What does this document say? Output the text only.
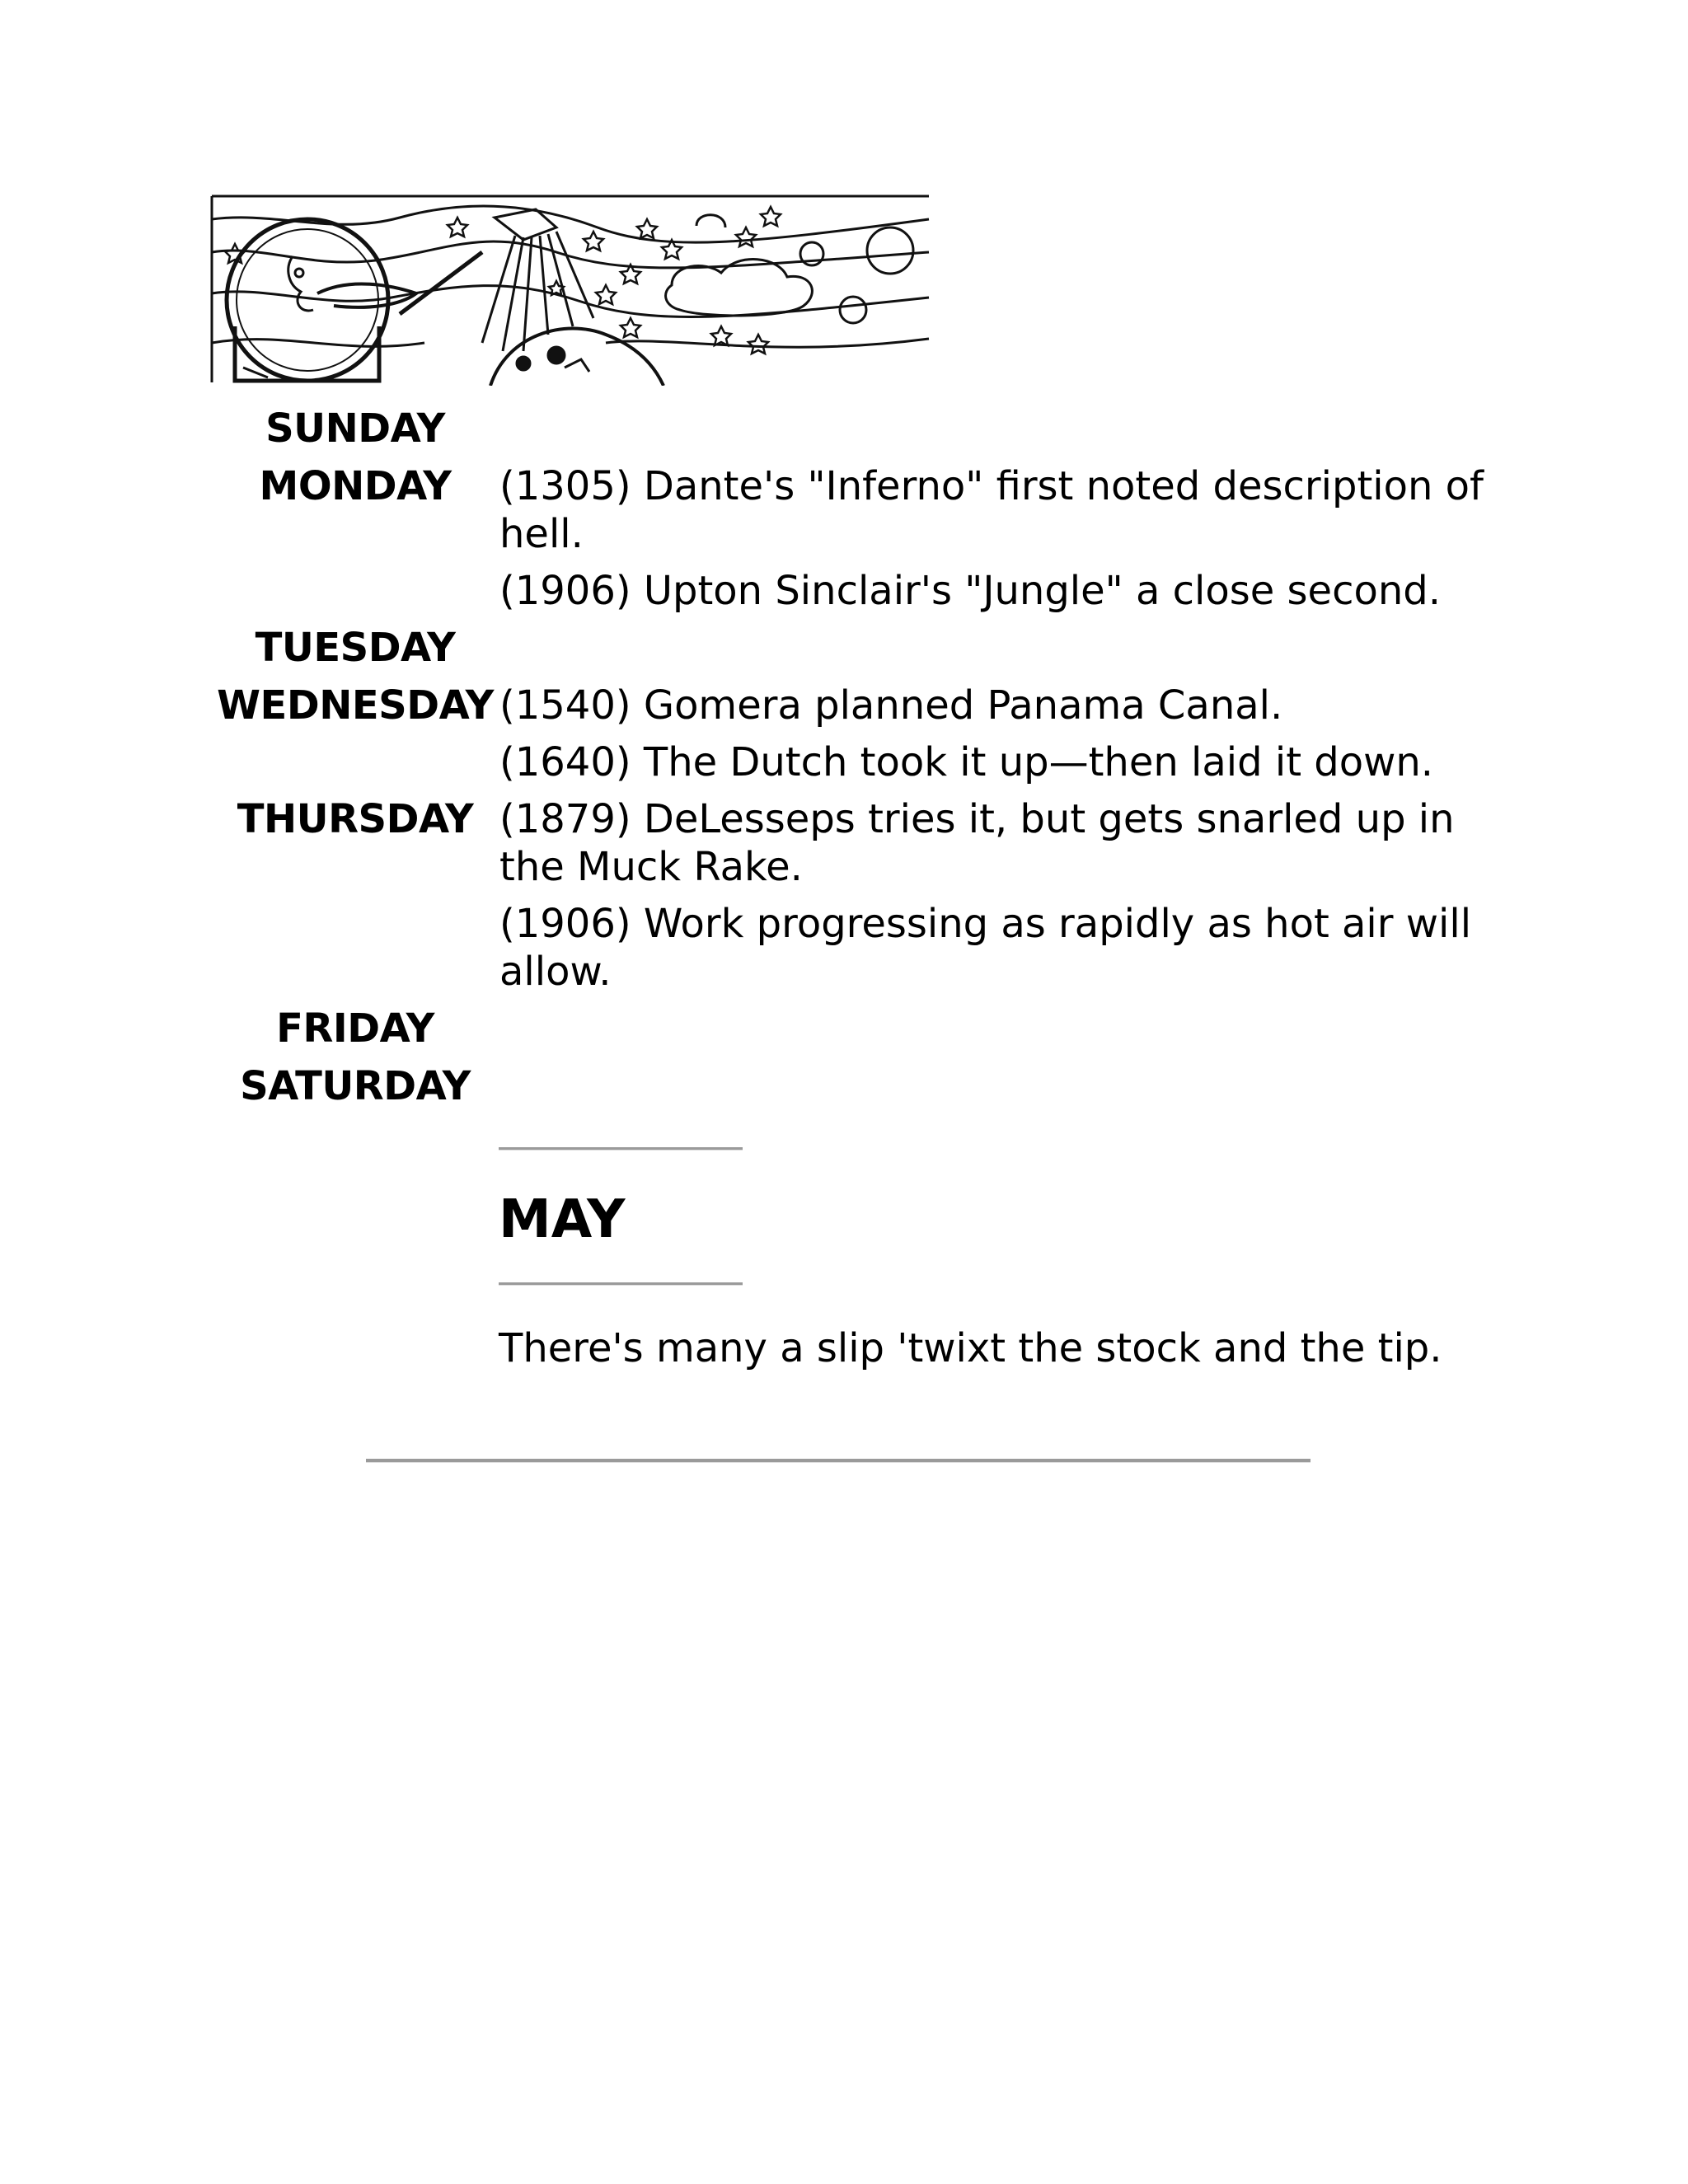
SUNDAY
MONDAY	(1305) Dante's "Inferno" first noted description of hell.

(1906) Upton Sinclair's "Jungle" a close second.

TUESDAY
WEDNESDAY (1540) Gomera planned Panama Canal.

(1640) The Dutch took it up—then laid it down.

THURSDAY (1879) DeLesseps tries it, but gets snarled up in the Muck Rake.

(1906) Work progressing as rapidly as hot air will allow.

FRIDAY
SATURDAY
MAY
There's many a slip 'twixt the stock and the tip.
